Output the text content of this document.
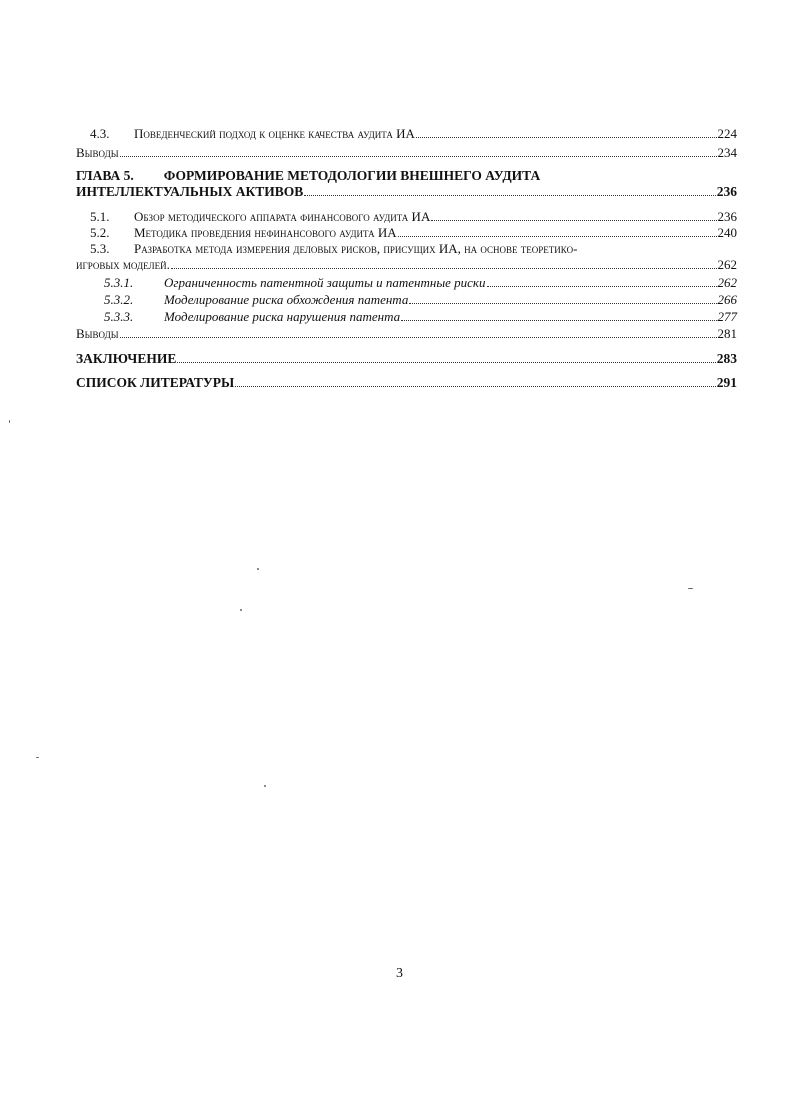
4.3.	Поведенческий подход к оценке качества аудита ИА	224
Выводы	234
ГЛАВА 5. ФОРМИРОВАНИЕ МЕТОДОЛОГИИ ВНЕШНЕГО АУДИТА
ИНТЕЛЛЕКТУАЛЬНЫХ АКТИВОВ	236
5.1.	Обзор методического аппарата финансового аудита ИА	236
5.2.	Методика проведения нефинансового аудита ИА	240
5.3. Разработка метода измерения деловых рисков, присущих ИА, на основе теоретико-
игровых моделей.	262
5.3.1.	Ограниченность патентной защиты и патентные риски	262
5.3.2.	Моделирование риска обхождения патента	266
5.3.3.	Моделирование риска нарушения патента	277
Выводы	281
ЗАКЛЮЧЕНИЕ	283
СПИСОК ЛИТЕРАТУРЫ	291
3
